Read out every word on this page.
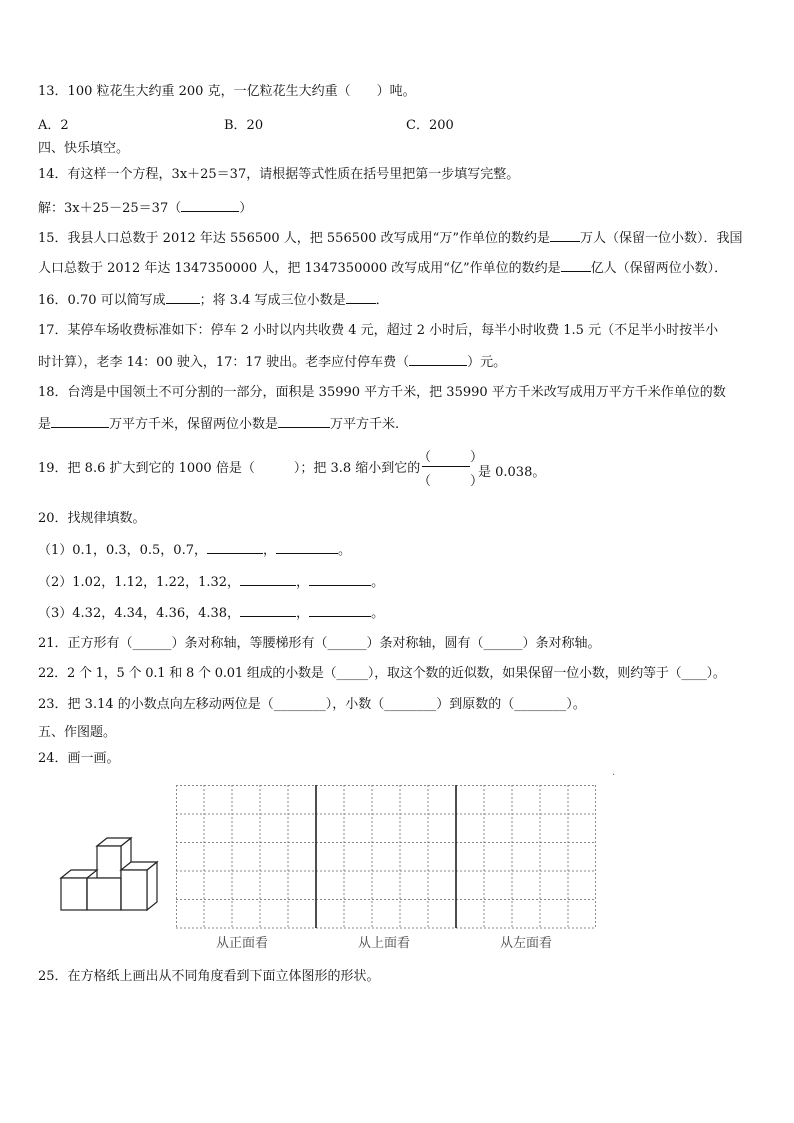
13．100 粒花生大约重 200 克，一亿粒花生大约重（　　）吨。
A．2	B．20	C．200
四、快乐填空。
14．有这样一个方程，3x＋25＝37，请根据等式性质在括号里把第一步填写完整。
解：3x＋25－25＝37（	）
15．我县人口总数于 2012 年达 556500 人，把 556500 改写成用“万”作单位的数约是 万人（保留一位小数）．我国
人口总数于 2012 年达 1347350000 人，把 1347350000 改写成用“亿”作单位的数约是 亿人（保留两位小数）．
16．0.70 可以简写成	；将 3.4 写成三位小数是 ．
17．某停车场收费标准如下：停车 2 小时以内共收费 4 元，超过 2 小时后，每半小时收费 1.5 元（不足半小时按半小
时计算），老李 14：00 驶入，17：17 驶出。老李应付停车费（	）元。
18．台湾是中国领土不可分割的一部分，面积是 35990 平方千米，把 35990 平方千米改写成用万平方千米作单位的数
是	万平方千米，保留两位小数是	万平方千米.
19．把 8.6 扩大到它的 1000 倍是（　　　）；把 3.8 缩小到它的
（　　　）
（　　　）
是 0.038。
20．找规律填数。
（1）0.1，0.3，0.5，0.7，	，	。
（2）1.02，1.12，1.22，1.32，	，	。
（3）4.32，4.34，4.36，4.38，	，	。
21．正方形有（______）条对称轴，等腰梯形有（______）条对称轴，圆有（______）条对称轴。
22．2 个 1，5 个 0.1 和 8 个 0.01 组成的小数是（_____），取这个数的近似数，如果保留一位小数，则约等于（____）。
23．把 3.14 的小数点向左移动两位是（________），小数（________）到原数的（________）。
五、作图题。
24．画一画。
·
从正面看	从上面看	从左面看
25．在方格纸上画出从不同角度看到下面立体图形的形状。
